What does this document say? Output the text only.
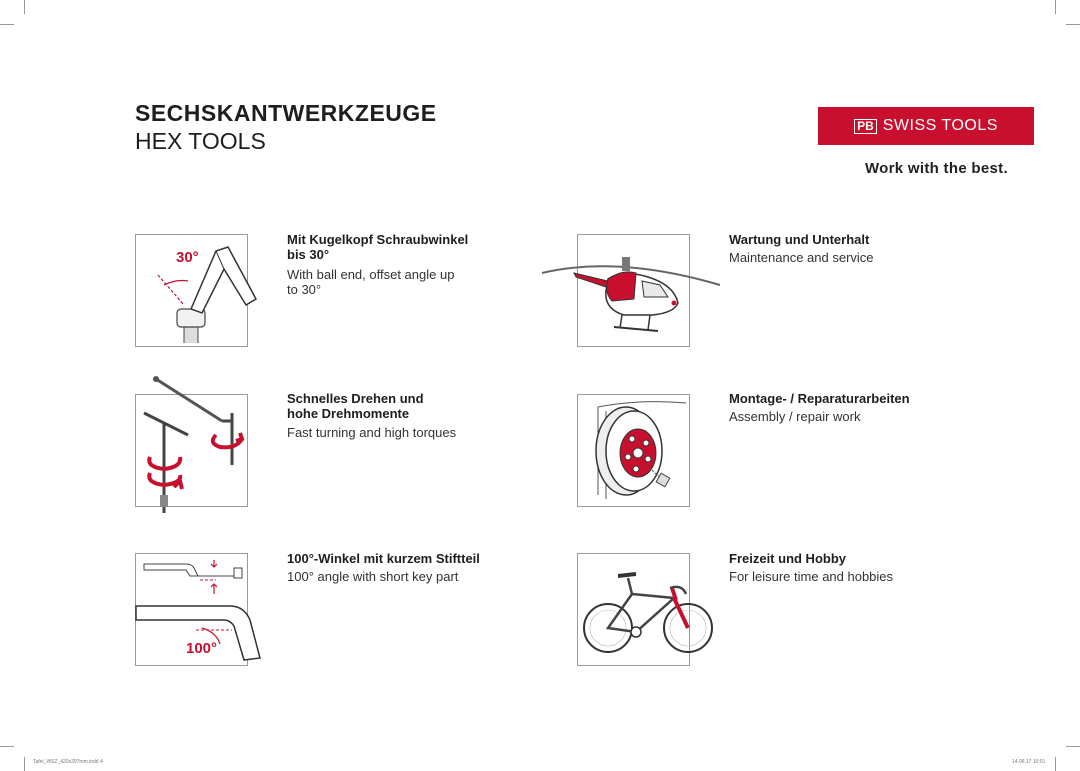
SECHSKANTWERKZEUGE
HEX TOOLS
PB SWISS TOOLS
Work with the best.
30°
Mit Kugelkopf Schraubwinkel
bis 30°
With ball end, offset angle up
to 30°
Wartung und Unterhalt
Maintenance and service
Schnelles Drehen und
hohe Drehmomente
Fast turning and high torques
Montage- / Reparaturarbeiten
Assembly / repair work
100°
100°-Winkel mit kurzem Stiftteil
100° angle with short key part
Freizeit und Hobby
For leisure time and hobbies
Tafel_WSZ_420x297mm.indd 4	14.06.17 10:01
